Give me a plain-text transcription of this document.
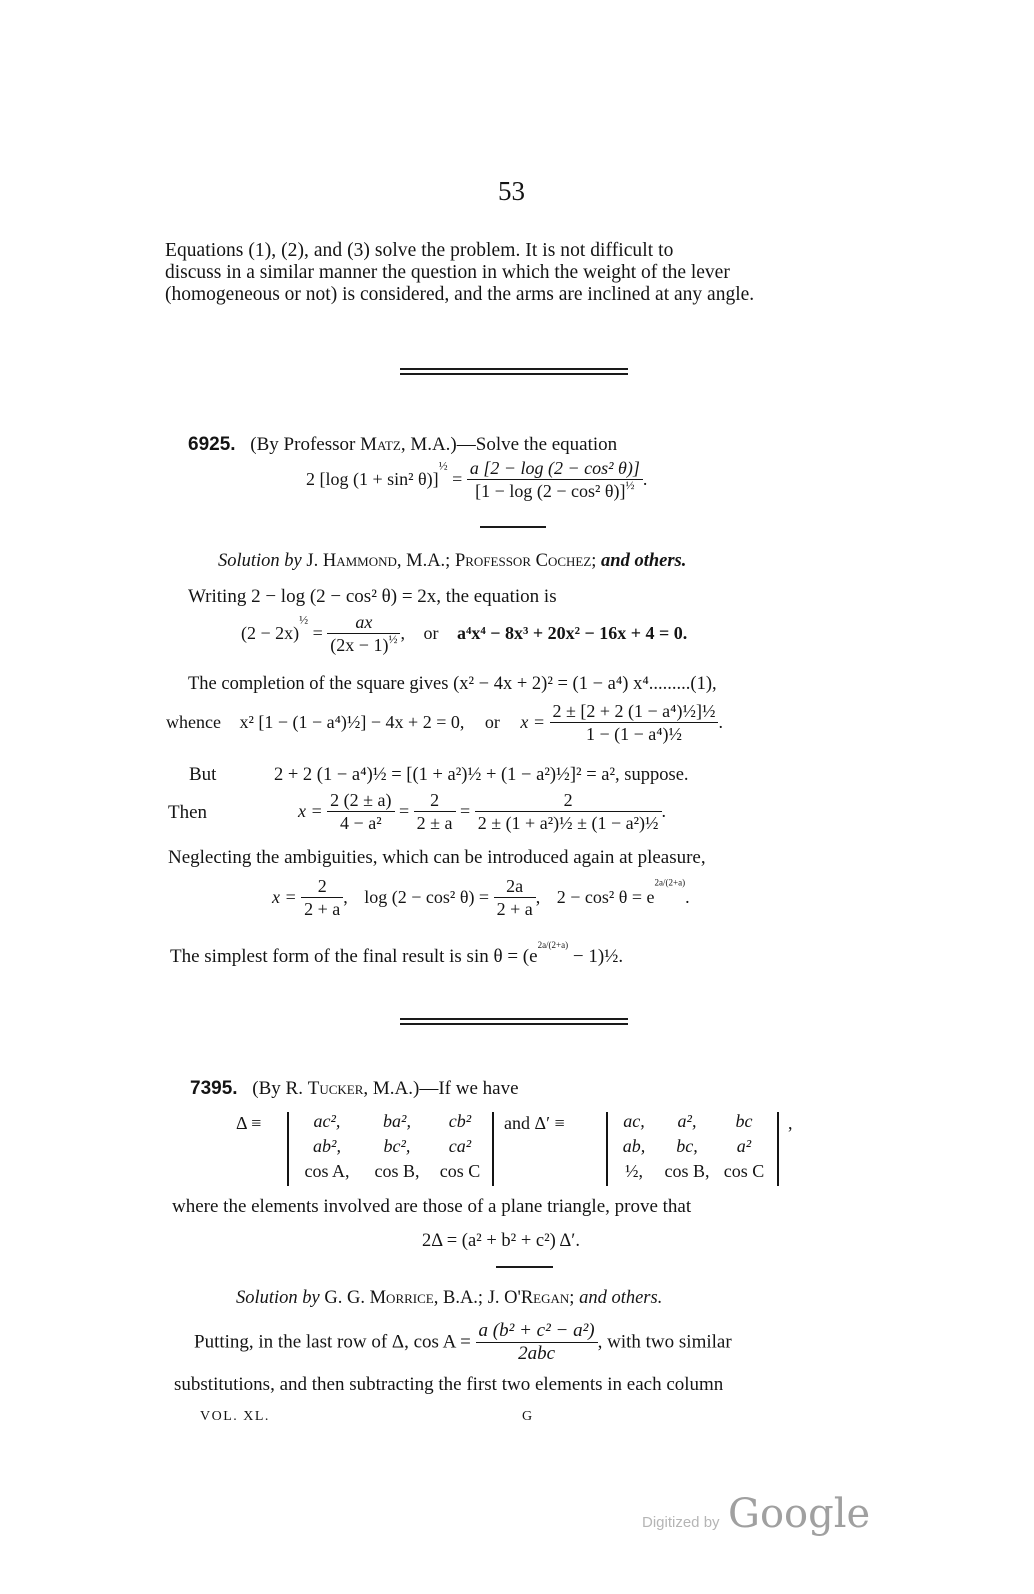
53
Equations (1), (2), and (3) solve the problem. It is not difficult to
discuss in a similar manner the question in which the weight of the lever
(homogeneous or not) is considered, and the arms are inclined at any angle.
6925. (By Professor Matz, M.A.)—Solve the equation
2 [log (1 + sin² $\theta)]^{\frac{1}{2}} = \frac{\text{a [2 − log (2 − cos² θ)]}}{[1 - \log (2 - \cos^2 \theta)]^{\frac{1}{2}}}$ .
Solution by J. Hammond, M.A.; Professor Cochez; and others.
Writing 2 − log (2 − cos² θ) = 2x, the equation is
$(2 - 2x)^{\frac{1}{2}} = \frac{ax}{(2x - 1)^{\frac{1}{2}}}$ , or a⁴x⁴ − 8x³ + 20x² − 16x + 4 = 0.
The completion of the square gives (x² − 4x + 2)² = (1 − a⁴) x⁴.........(1),
whence x² [1 − (1 − a⁴)½] − 4x + 2 = 0, or $x = \frac{\text{2 ± [2 + 2 (1 − a⁴)½]½}}{\text{1 − (1 − a⁴)½}}$ .
But	2 + 2 (1 − a⁴)½ = [(1 + a²)½ + (1 − a²)½]² = a², suppose.
Then	$x = \frac{2 (2 \pm a)}{\text{4 − a²}} = \frac{2}{2 \pm a} = \frac{2}{\text{2 ± (1 + a²)½ ± (1 − a²)½}}$ .
Neglecting the ambiguities, which can be introduced again at pleasure,
$x = \frac{2}{2 + a}$ , log (2 − cos² $\theta) = \frac{2a}{2 + a}$ , 2 − cos² $\theta = e^{2a/(2+a)}$.
The simplest form of the final result is $\sin \theta = (e^{2a/(2+a)}$ − 1)½.
7395. (By R. Tucker, M.A.)—If we have
Δ ≡	ac²,	ba²,	cb²
ab²,	bc²,	ca²
cos A,	cos B,	cos C
and Δ′ ≡	ac,	a²,	bc
ab,	bc,	a²
½,	cos B, cos C
,
where the elements involved are those of a plane triangle, prove that
2Δ = (a² + b² + c²) Δ′.
Solution by G. G. Morrice, B.A.; J. O'Regan; and others.
Putting, in the last row of Δ, $\cos A = \frac{\text{a (b² + c² − a²)}}{\text{2abc}}$ , with two similar
substitutions, and then subtracting the first two elements in each column
VOL. XL.	G
Digitized by Google
